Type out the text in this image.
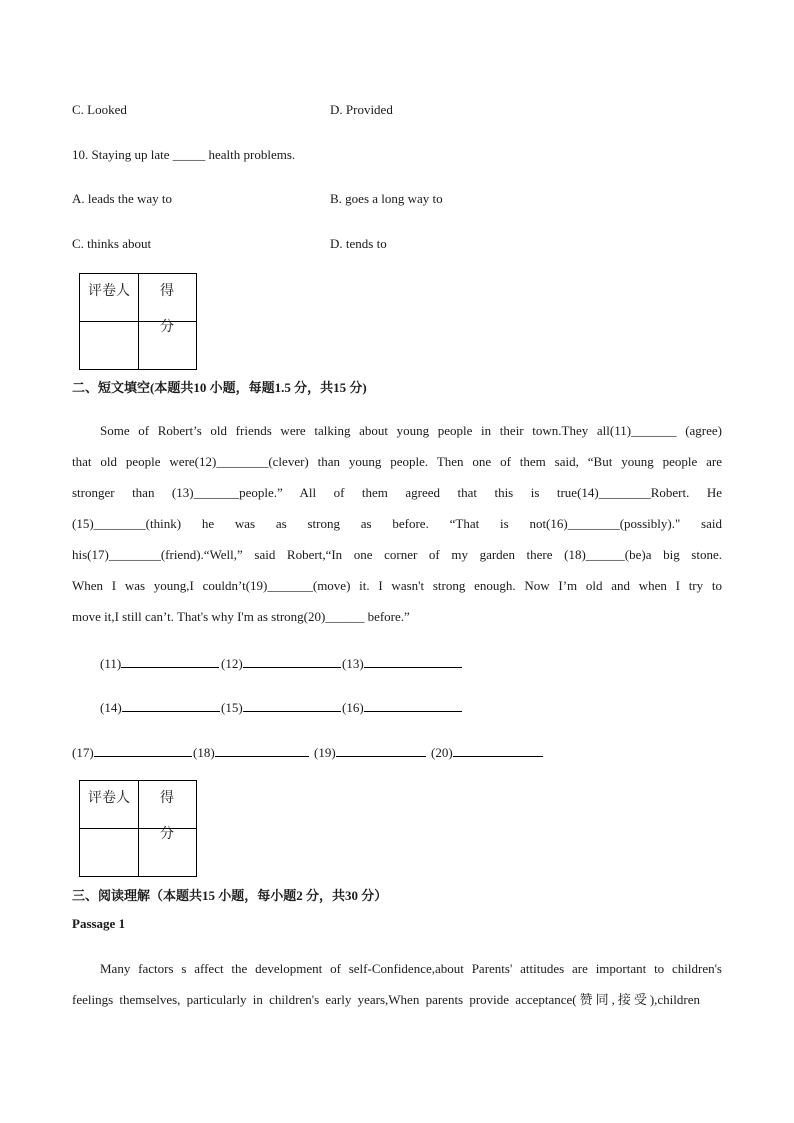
C. Looked	D. Provided
10. Staying up late _____ health problems.
A. leads the way to	B. goes a long way to
C. thinks about	D. tends to
评卷人	得分
二、短文填空(本题共10 小题，每题1.5 分，共15 分)
Some of Robert’s old friends were talking about young people in their town.They all(11)_______ (agree)
that old people were(12)________(clever) than young people. Then one of them said, “But young people are
stronger than (13)_______people.” All of them agreed that this is true(14)________Robert. He
(15)________(think) he was as strong as before. “That is not(16)________(possibly)." said
his(17)________(friend).“Well,” said Robert,“In one corner of my garden there (18)______(be)a big stone.
When I was young,I couldn’t(19)_______(move) it. I wasn't strong enough. Now I’m old and when I try to
move it,I still can’t. That's why I'm as strong(20)______ before.”
(11)	(12)	(13)
(14)	(15)	(16)
(17)	(18)	(19)	(20)
评卷人	得分
三、阅读理解（本题共15 小题，每小题2 分，共30 分）
Passage 1
Many factors s affect the development of self-Confidence,about Parents' attitudes are important to children's
feelings themselves, particularly in children's early years,When parents provide acceptance(赞同,接受),children
